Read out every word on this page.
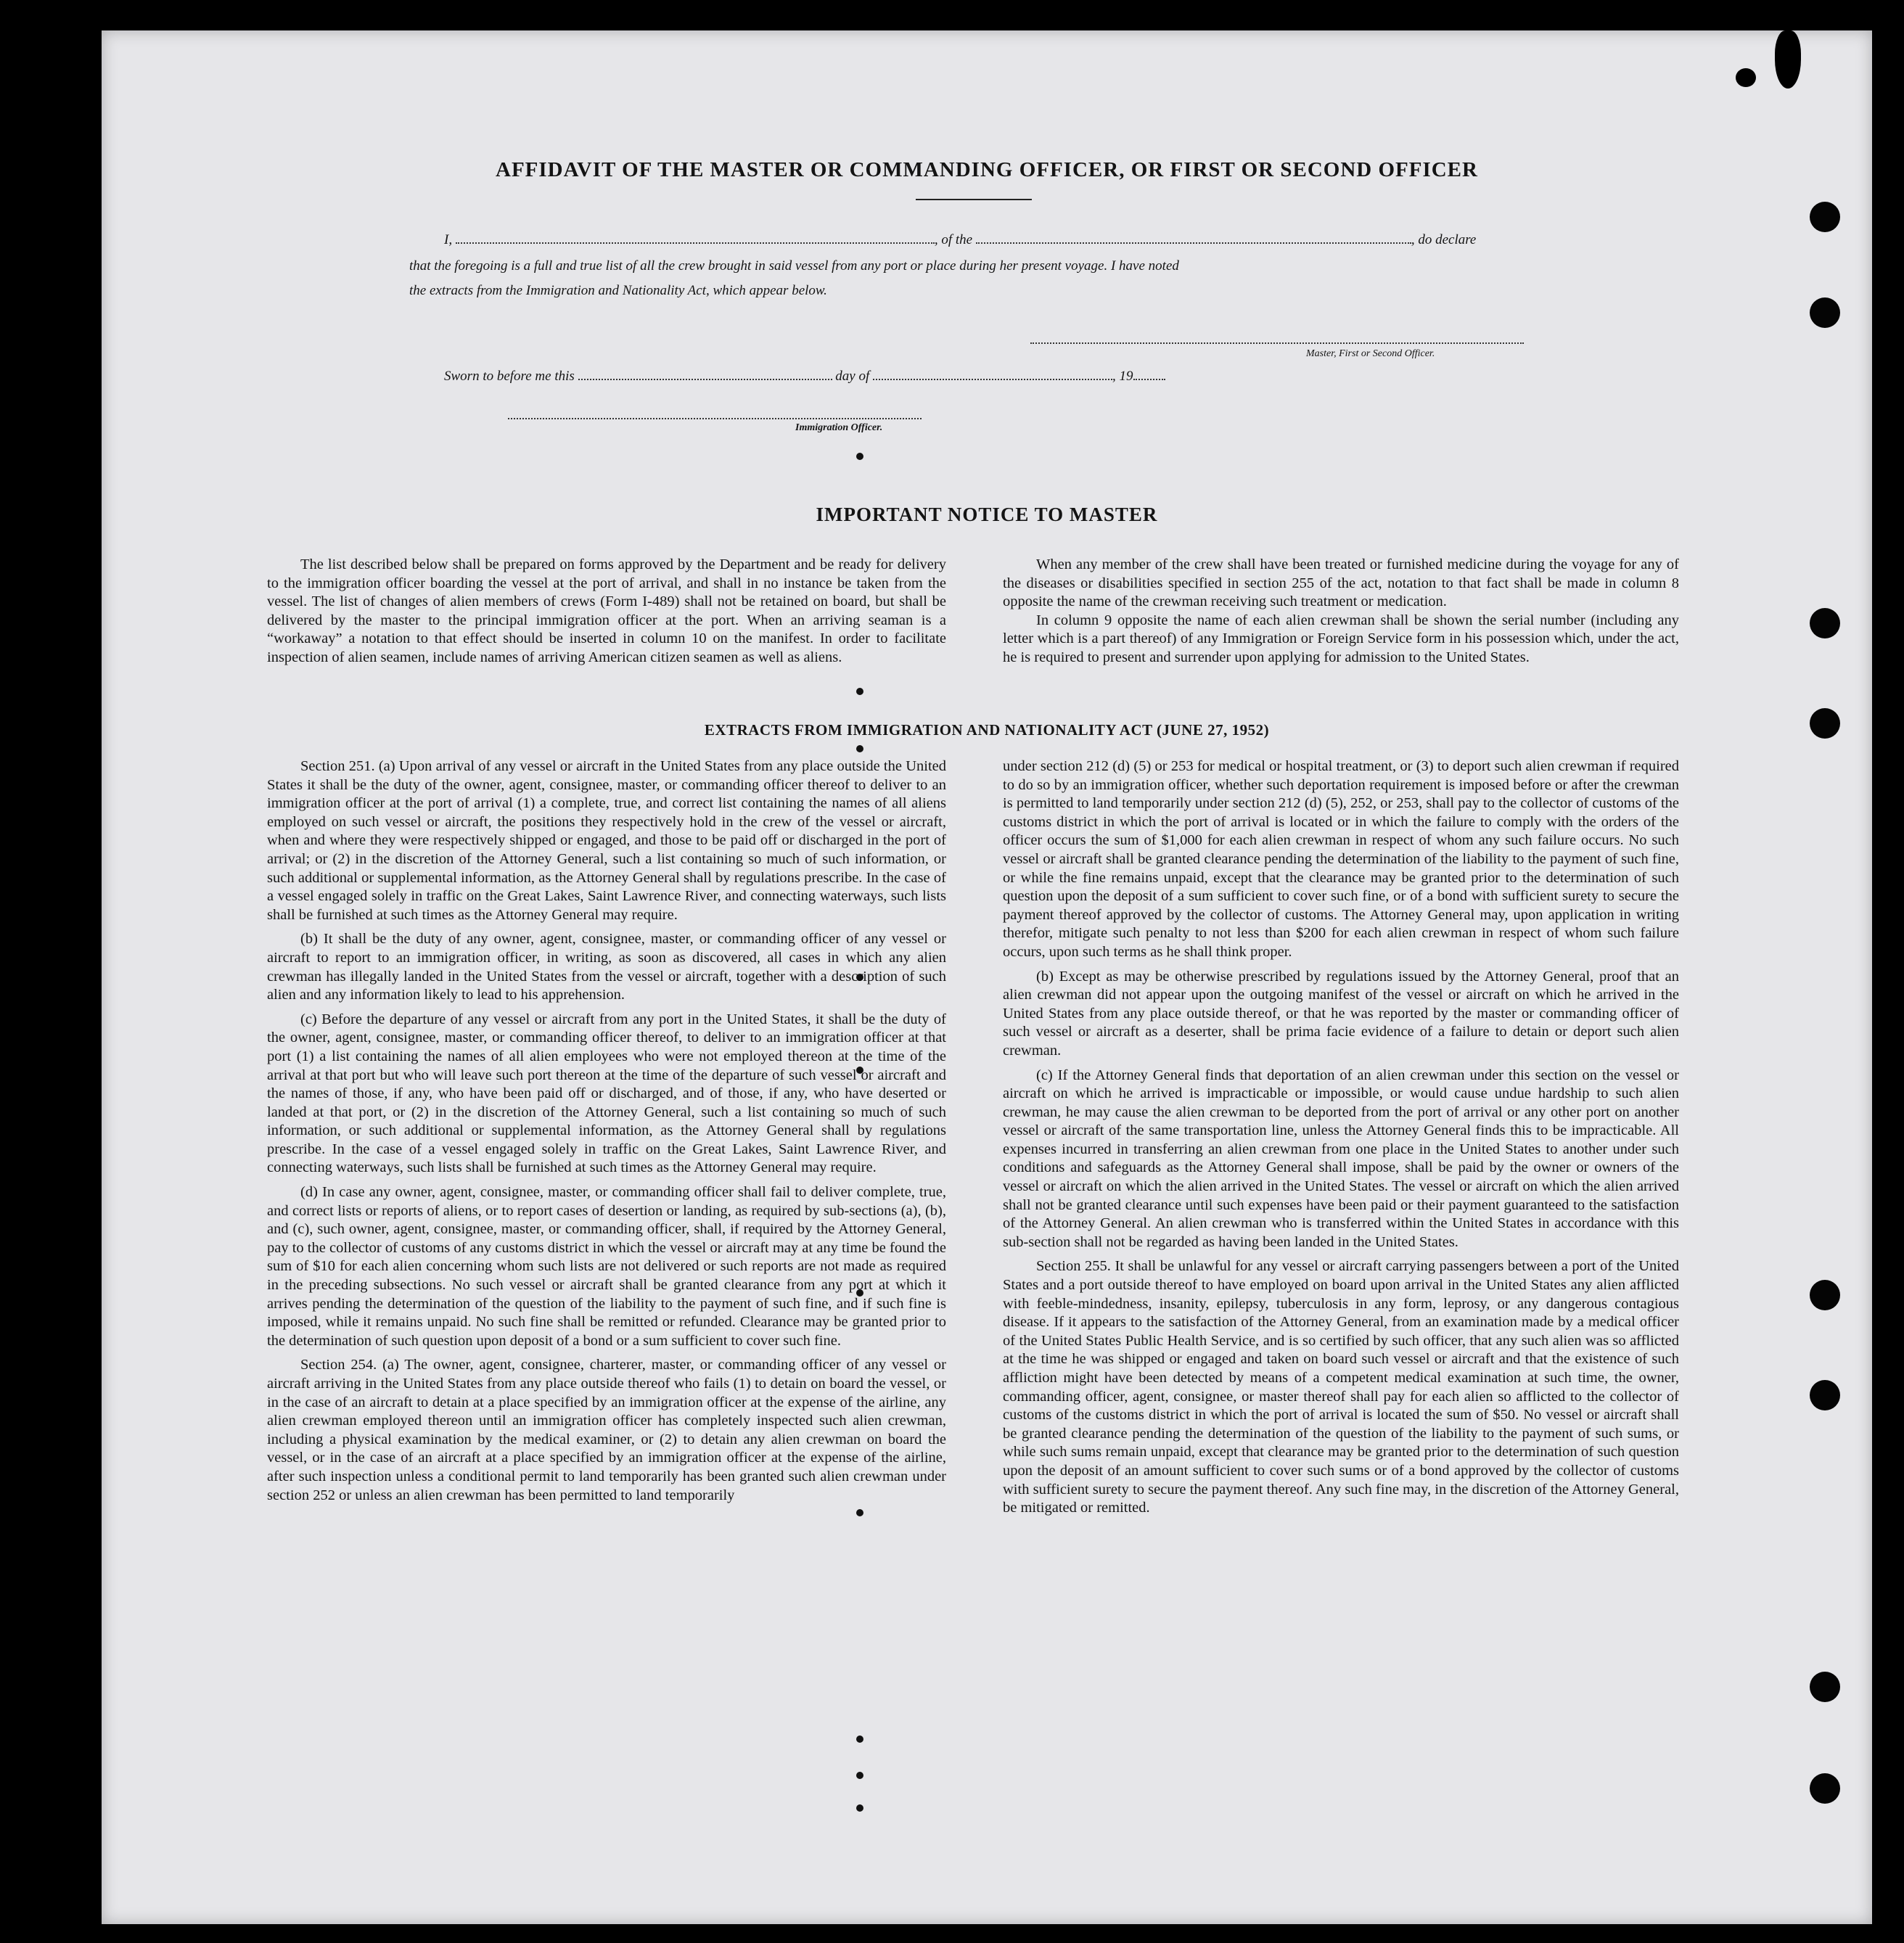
AFFIDAVIT OF THE MASTER OR COMMANDING OFFICER, OR FIRST OR SECOND OFFICER
I,	, of the	, do declare
that the foregoing is a full and true list of all the crew brought in said vessel from any port or place during her present voyage. I have noted
the extracts from the Immigration and Nationality Act, which appear below.
Master, First or Second Officer.
Sworn to before me this	day of	, 19
Immigration Officer.
IMPORTANT NOTICE TO MASTER

The list described below shall be prepared on forms approved by the Department and be ready for delivery to the immigration officer boarding the vessel at the port of arrival, and shall in no instance be taken from the vessel. The list of changes of alien members of crews (Form I-489) shall not be retained on board, but shall be delivered by the master to the principal immigration officer at the port. When an arriving seaman is a “workaway” a notation to that effect should be inserted in column 10 on the manifest. In order to facilitate inspection of alien seamen, include names of arriving American citizen seamen as well as aliens.

When any member of the crew shall have been treated or furnished medicine during the voyage for any of the diseases or disabilities specified in section 255 of the act, notation to that fact shall be made in column 8 opposite the name of the crewman receiving such treatment or medication.

In column 9 opposite the name of each alien crewman shall be shown the serial number (including any letter which is a part thereof) of any Immigration or Foreign Service form in his possession which, under the act, he is required to present and surrender upon applying for admission to the United States.

EXTRACTS FROM IMMIGRATION AND NATIONALITY ACT (JUNE 27, 1952)

Section 251. (a) Upon arrival of any vessel or aircraft in the United States from any place outside the United States it shall be the duty of the owner, agent, consignee, master, or commanding officer thereof to deliver to an immigration officer at the port of arrival (1) a complete, true, and correct list containing the names of all aliens employed on such vessel or aircraft, the positions they respectively hold in the crew of the vessel or aircraft, when and where they were respectively shipped or engaged, and those to be paid off or discharged in the port of arrival; or (2) in the discretion of the Attorney General, such a list containing so much of such information, or such additional or supplemental information, as the Attorney General shall by regulations prescribe. In the case of a vessel engaged solely in traffic on the Great Lakes, Saint Lawrence River, and connecting waterways, such lists shall be furnished at such times as the Attorney General may require.

(b) It shall be the duty of any owner, agent, consignee, master, or commanding officer of any vessel or aircraft to report to an immigration officer, in writing, as soon as discovered, all cases in which any alien crewman has illegally landed in the United States from the vessel or aircraft, together with a description of such alien and any information likely to lead to his apprehension.

(c) Before the departure of any vessel or aircraft from any port in the United States, it shall be the duty of the owner, agent, consignee, master, or commanding officer thereof, to deliver to an immigration officer at that port (1) a list containing the names of all alien employees who were not employed thereon at the time of the arrival at that port but who will leave such port thereon at the time of the departure of such vessel or aircraft and the names of those, if any, who have been paid off or discharged, and of those, if any, who have deserted or landed at that port, or (2) in the discretion of the Attorney General, such a list containing so much of such information, or such additional or supplemental information, as the Attorney General shall by regulations prescribe. In the case of a vessel engaged solely in traffic on the Great Lakes, Saint Lawrence River, and connecting waterways, such lists shall be furnished at such times as the Attorney General may require.

(d) In case any owner, agent, consignee, master, or commanding officer shall fail to deliver complete, true, and correct lists or reports of aliens, or to report cases of desertion or landing, as required by sub-sections (a), (b), and (c), such owner, agent, consignee, master, or commanding officer, shall, if required by the Attorney General, pay to the collector of customs of any customs district in which the vessel or aircraft may at any time be found the sum of $10 for each alien concerning whom such lists are not delivered or such reports are not made as required in the preceding subsections. No such vessel or aircraft shall be granted clearance from any port at which it arrives pending the determination of the question of the liability to the payment of such fine, and if such fine is imposed, while it remains unpaid. No such fine shall be remitted or refunded. Clearance may be granted prior to the determination of such question upon deposit of a bond or a sum sufficient to cover such fine.

Section 254. (a) The owner, agent, consignee, charterer, master, or commanding officer of any vessel or aircraft arriving in the United States from any place outside thereof who fails (1) to detain on board the vessel, or in the case of an aircraft to detain at a place specified by an immigration officer at the expense of the airline, any alien crewman employed thereon until an immigration officer has completely inspected such alien crewman, including a physical examination by the medical examiner, or (2) to detain any alien crewman on board the vessel, or in the case of an aircraft at a place specified by an immigration officer at the expense of the airline, after such inspection unless a conditional permit to land temporarily has been granted such alien crewman under section 252 or unless an alien crewman has been permitted to land temporarily

under section 212 (d) (5) or 253 for medical or hospital treatment, or (3) to deport such alien crewman if required to do so by an immigration officer, whether such deportation requirement is imposed before or after the crewman is permitted to land temporarily under section 212 (d) (5), 252, or 253, shall pay to the collector of customs of the customs district in which the port of arrival is located or in which the failure to comply with the orders of the officer occurs the sum of $1,000 for each alien crewman in respect of whom any such failure occurs. No such vessel or aircraft shall be granted clearance pending the determination of the liability to the payment of such fine, or while the fine remains unpaid, except that the clearance may be granted prior to the determination of such question upon the deposit of a sum sufficient to cover such fine, or of a bond with sufficient surety to secure the payment thereof approved by the collector of customs. The Attorney General may, upon application in writing therefor, mitigate such penalty to not less than $200 for each alien crewman in respect of whom such failure occurs, upon such terms as he shall think proper.

(b) Except as may be otherwise prescribed by regulations issued by the Attorney General, proof that an alien crewman did not appear upon the outgoing manifest of the vessel or aircraft on which he arrived in the United States from any place outside thereof, or that he was reported by the master or commanding officer of such vessel or aircraft as a deserter, shall be prima facie evidence of a failure to detain or deport such alien crewman.

(c) If the Attorney General finds that deportation of an alien crewman under this section on the vessel or aircraft on which he arrived is impracticable or impossible, or would cause undue hardship to such alien crewman, he may cause the alien crewman to be deported from the port of arrival or any other port on another vessel or aircraft of the same transportation line, unless the Attorney General finds this to be impracticable. All expenses incurred in transferring an alien crewman from one place in the United States to another under such conditions and safeguards as the Attorney General shall impose, shall be paid by the owner or owners of the vessel or aircraft on which the alien arrived in the United States. The vessel or aircraft on which the alien arrived shall not be granted clearance until such expenses have been paid or their payment guaranteed to the satisfaction of the Attorney General. An alien crewman who is transferred within the United States in accordance with this sub-section shall not be regarded as having been landed in the United States.

Section 255. It shall be unlawful for any vessel or aircraft carrying passengers between a port of the United States and a port outside thereof to have employed on board upon arrival in the United States any alien afflicted with feeble-mindedness, insanity, epilepsy, tuberculosis in any form, leprosy, or any dangerous contagious disease. If it appears to the satisfaction of the Attorney General, from an examination made by a medical officer of the United States Public Health Service, and is so certified by such officer, that any such alien was so afflicted at the time he was shipped or engaged and taken on board such vessel or aircraft and that the existence of such affliction might have been detected by means of a competent medical examination at such time, the owner, commanding officer, agent, consignee, or master thereof shall pay for each alien so afflicted to the collector of customs of the customs district in which the port of arrival is located the sum of $50. No vessel or aircraft shall be granted clearance pending the determination of the question of the liability to the payment of such sums, or while such sums remain unpaid, except that clearance may be granted prior to the determination of such question upon the deposit of an amount sufficient to cover such sums or of a bond approved by the collector of customs with sufficient surety to secure the payment thereof. Any such fine may, in the discretion of the Attorney General, be mitigated or remitted.
